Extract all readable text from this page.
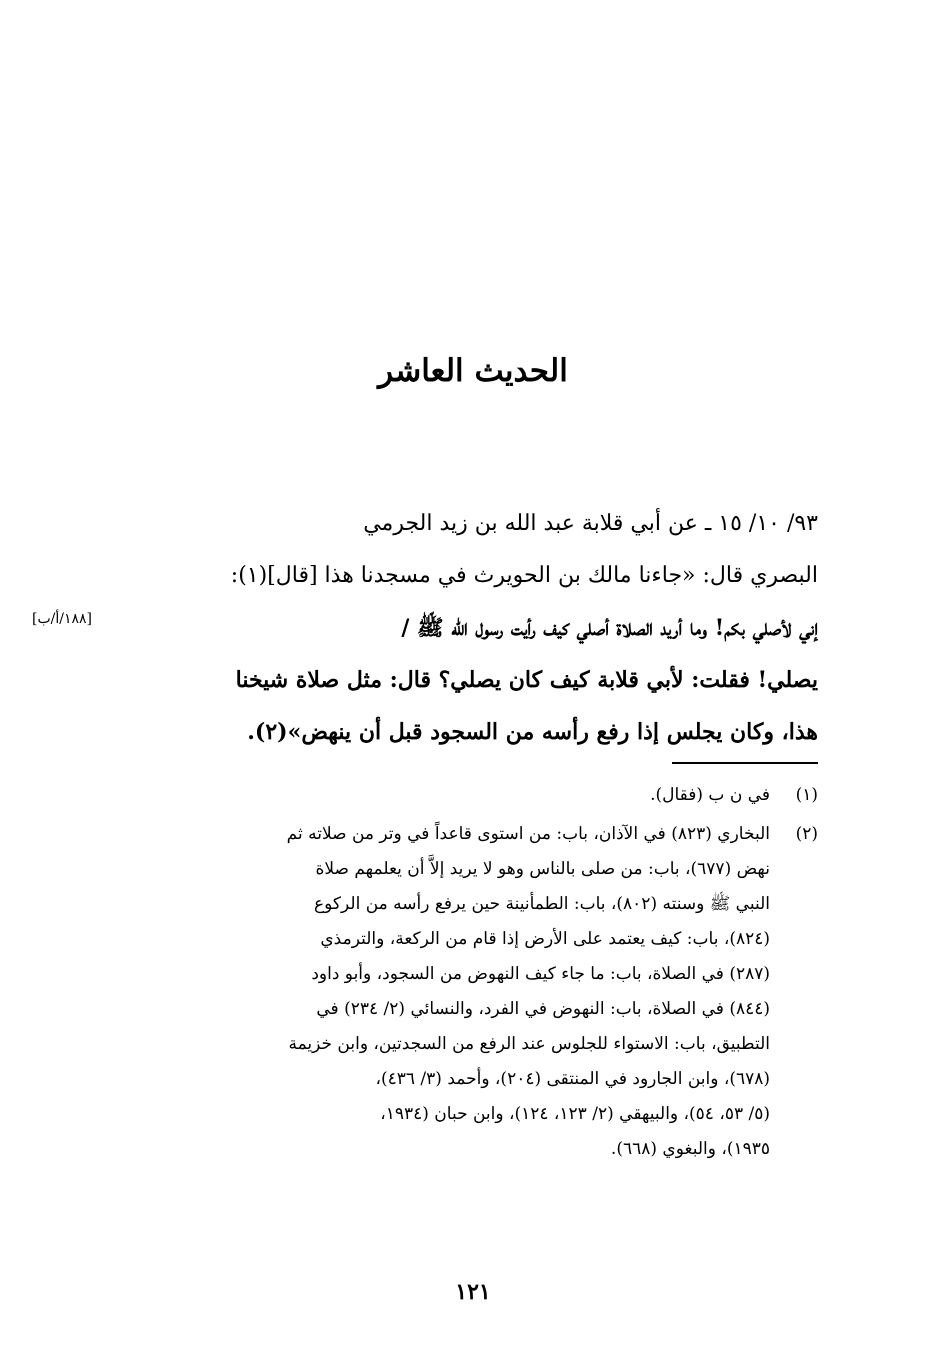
الحديث العاشر
٩٣/ ١٠/ ١٥ ـ عن أبي قلابة عبد الله بن زيد الجرمي
البصري قال: «جاءنا مالك بن الحويرث في مسجدنا هذا [قال](١):
إني لأصلي بكم! وما أريد الصلاة أصلي كيف رأيت رسول الله ﷺ /
يصلي! فقلت: لأبي قلابة كيف كان يصلي؟ قال: مثل صلاة شيخنا
هذا، وكان يجلس إذا رفع رأسه من السجود قبل أن ينهض»(٢).
[١٨٨/أ/ب]
(١)
في ن ب (فقال).
(٢)
البخاري (٨٢٣) في الآذان، باب: من استوى قاعداً في وتر من صلاته ثم
نهض (٦٧٧)، باب: من صلى بالناس وهو لا يريد إلاَّ أن يعلمهم صلاة
النبي ﷺ وسنته (٨٠٢)، باب: الطمأنينة حين يرفع رأسه من الركوع
(٨٢٤)، باب: كيف يعتمد على الأرض إذا قام من الركعة، والترمذي
(٢٨٧) في الصلاة، باب: ما جاء كيف النهوض من السجود، وأبو داود
(٨٤٤) في الصلاة، باب: النهوض في الفرد، والنسائي (٢/ ٢٣٤) في
التطبيق، باب: الاستواء للجلوس عند الرفع من السجدتين، وابن خزيمة
(٦٧٨)، وابن الجارود في المنتقى (٢٠٤)، وأحمد (٣/ ٤٣٦)،
(٥/ ٥٣، ٥٤)، والبيهقي (٢/ ١٢٣، ١٢٤)، وابن حبان (١٩٣٤،
١٩٣٥)، والبغوي (٦٦٨).
١٢١
